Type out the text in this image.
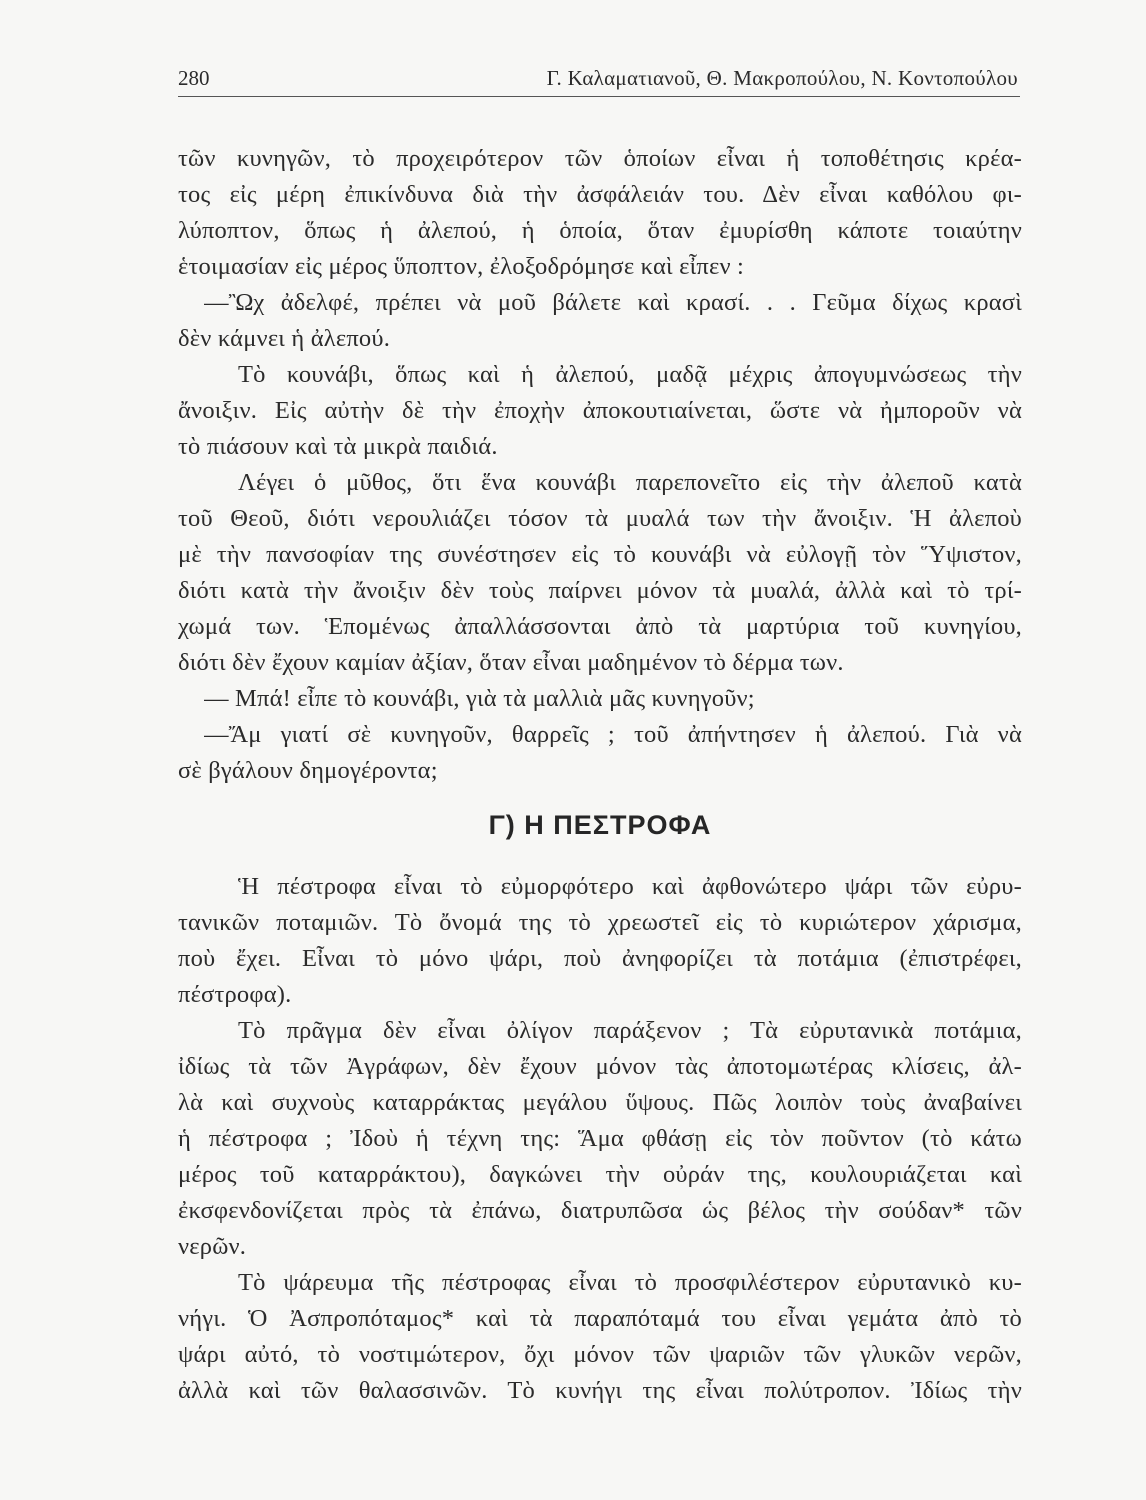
280	Γ. Καλαματιανοῦ, Θ. Μακροπούλου, Ν. Κοντοπούλου
τῶν κυνηγῶν, τὸ προχειρότερον τῶν ὁποίων εἶναι ἡ τοποθέτησις κρέα-
τος εἰς μέρη ἐπικίνδυνα διὰ τὴν ἀσφάλειάν του. Δὲν εἶναι καθόλου φι-
λύποπτον, ὅπως ἡ ἀλεπού, ἡ ὁποία, ὅταν ἐμυρίσθη κάποτε τοιαύτην
ἑτοιμασίαν εἰς μέρος ὕποπτον, ἐλοξοδρόμησε καὶ εἶπεν :
—Ὢχ ἀδελφέ, πρέπει νὰ μοῦ βάλετε καὶ κρασί. . . Γεῦμα δίχως κρασὶ
δὲν κάμνει ἡ ἀλεπού.
Τὸ κουνάβι, ὅπως καὶ ἡ ἀλεπού, μαδᾷ μέχρις ἀπογυμνώσεως τὴν
ἄνοιξιν. Εἰς αὐτὴν δὲ τὴν ἐποχὴν ἀποκουτιαίνεται, ὥστε νὰ ἠμποροῦν νὰ
τὸ πιάσουν καὶ τὰ μικρὰ παιδιά.
Λέγει ὁ μῦθος, ὅτι ἕνα κουνάβι παρεπονεῖτο εἰς τὴν ἀλεποῦ κατὰ
τοῦ Θεοῦ, διότι νερουλιάζει τόσον τὰ μυαλά των τὴν ἄνοιξιν. Ἡ ἀλεποὺ
μὲ τὴν πανσοφίαν της συνέστησεν εἰς τὸ κουνάβι νὰ εὐλογῇ τὸν Ὕψιστον,
διότι κατὰ τὴν ἄνοιξιν δὲν τοὺς παίρνει μόνον τὰ μυαλά, ἀλλὰ καὶ τὸ τρί-
χωμά των. Ἑπομένως ἀπαλλάσσονται ἀπὸ τὰ μαρτύρια τοῦ κυνηγίου,
διότι δὲν ἔχουν καμίαν ἀξίαν, ὅταν εἶναι μαδημένον τὸ δέρμα των.
— Μπά! εἶπε τὸ κουνάβι, γιὰ τὰ μαλλιὰ μᾶς κυνηγοῦν;
—Ἄμ γιατί σὲ κυνηγοῦν, θαρρεῖς ; τοῦ ἀπήντησεν ἡ ἀλεπού. Γιὰ νὰ
σὲ βγάλουν δημογέροντα;
Γ) Η ΠΕΣΤΡΟΦΑ
Ἡ πέστροφα εἶναι τὸ εὐμορφότερο καὶ ἀφθονώτερο ψάρι τῶν εὐρυ-
τανικῶν ποταμιῶν. Τὸ ὄνομά της τὸ χρεωστεῖ εἰς τὸ κυριώτερον χάρισμα,
ποὺ ἔχει. Εἶναι τὸ μόνο ψάρι, ποὺ ἀνηφορίζει τὰ ποτάμια (ἐπιστρέφει,
πέστροφα).
Τὸ πρᾶγμα δὲν εἶναι ὀλίγον παράξενον ; Τὰ εὐρυτανικὰ ποτάμια,
ἰδίως τὰ τῶν Ἀγράφων, δὲν ἔχουν μόνον τὰς ἀποτομωτέρας κλίσεις, ἀλ-
λὰ καὶ συχνοὺς καταρράκτας μεγάλου ὕψους. Πῶς λοιπὸν τοὺς ἀναβαίνει
ἡ πέστροφα ; Ἰδοὺ ἡ τέχνη της: Ἅμα φθάσῃ εἰς τὸν ποῦντον (τὸ κάτω
μέρος τοῦ καταρράκτου), δαγκώνει τὴν οὐράν της, κουλουριάζεται καὶ
ἐκσφενδονίζεται πρὸς τὰ ἐπάνω, διατρυπῶσα ὡς βέλος τὴν σούδαν* τῶν
νερῶν.
Τὸ ψάρευμα τῆς πέστροφας εἶναι τὸ προσφιλέστερον εὐρυτανικὸ κυ-
νήγι. Ὁ Ἀσπροπόταμος* καὶ τὰ παραπόταμά του εἶναι γεμάτα ἀπὸ τὸ
ψάρι αὐτό, τὸ νοστιμώτερον, ὄχι μόνον τῶν ψαριῶν τῶν γλυκῶν νερῶν,
ἀλλὰ καὶ τῶν θαλασσινῶν. Τὸ κυνήγι της εἶναι πολύτροπον. Ἰδίως τὴν
